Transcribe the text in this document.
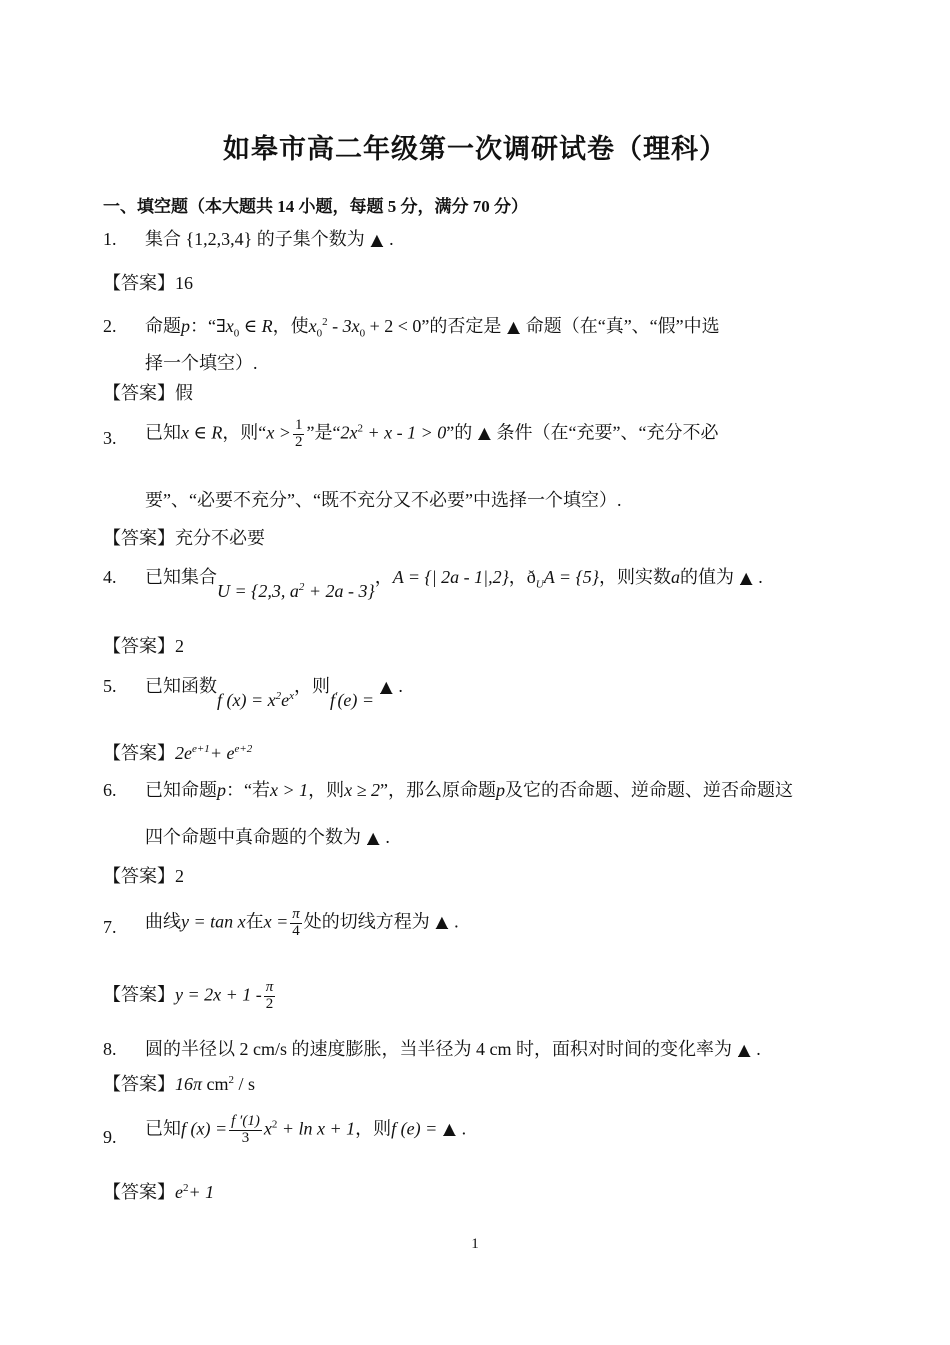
如皋市高二年级第一次调研试卷（理科）
一、填空题（本大题共 14 小题，每题 5 分，满分 70 分）
1. 集合 {1,2,3,4} 的子集个数为 ▲ .
【答案】16
2. 命题p：“$\exists x_0$ ∈ R，使$x_0^2 - 3x_0 + 2 < 0$”的否定是 ▲ 命题（在“真”、“假”中选
择一个填空）.
【答案】假
3. 已知x ∈ R，则“$x > \frac{1}{2}$ ”是“$2x^2 + x - 1 > 0$”的 ▲ 条件（在“充要”、“充分不必
要”、“必要不充分”、“既不充分又不必要”中选择一个填空）.
【答案】充分不必要
4. 已知集合U = {2,3, $a^2 + 2a - 3$}，A = {| 2a - 1|,2}，$ð_UA = \{5\}$，则实数a的值为 ▲ .
【答案】2
5. 已知函数f $(x) = x^2e^x$，则f′(e) =▲ .
【答案】$2e^{e+1}+ e^{e+2}$
6. 已知命题p：“若x > 1，则x ≥ 2”，那么原命题p及它的否命题、逆命题、逆否命题这
四个命题中真命题的个数为 ▲ .
【答案】2
7. 曲线y = tan x在$x = \frac{\pi}{4}$ 处的切线方程为 ▲ .
【答案】$y = 2x + 1 - \frac{\pi}{2}$
8. 圆的半径以 2 cm/s 的速度膨胀，当半径为 4 cm 时，面积对时间的变化率为 ▲ .
【答案】16π $cm^2$ / s
9. 已知f $(x) = \frac{f '(1)}{3} x^2 + \ln x + 1$，则f (e) = ▲ .
【答案】$e^2+ 1$
1
